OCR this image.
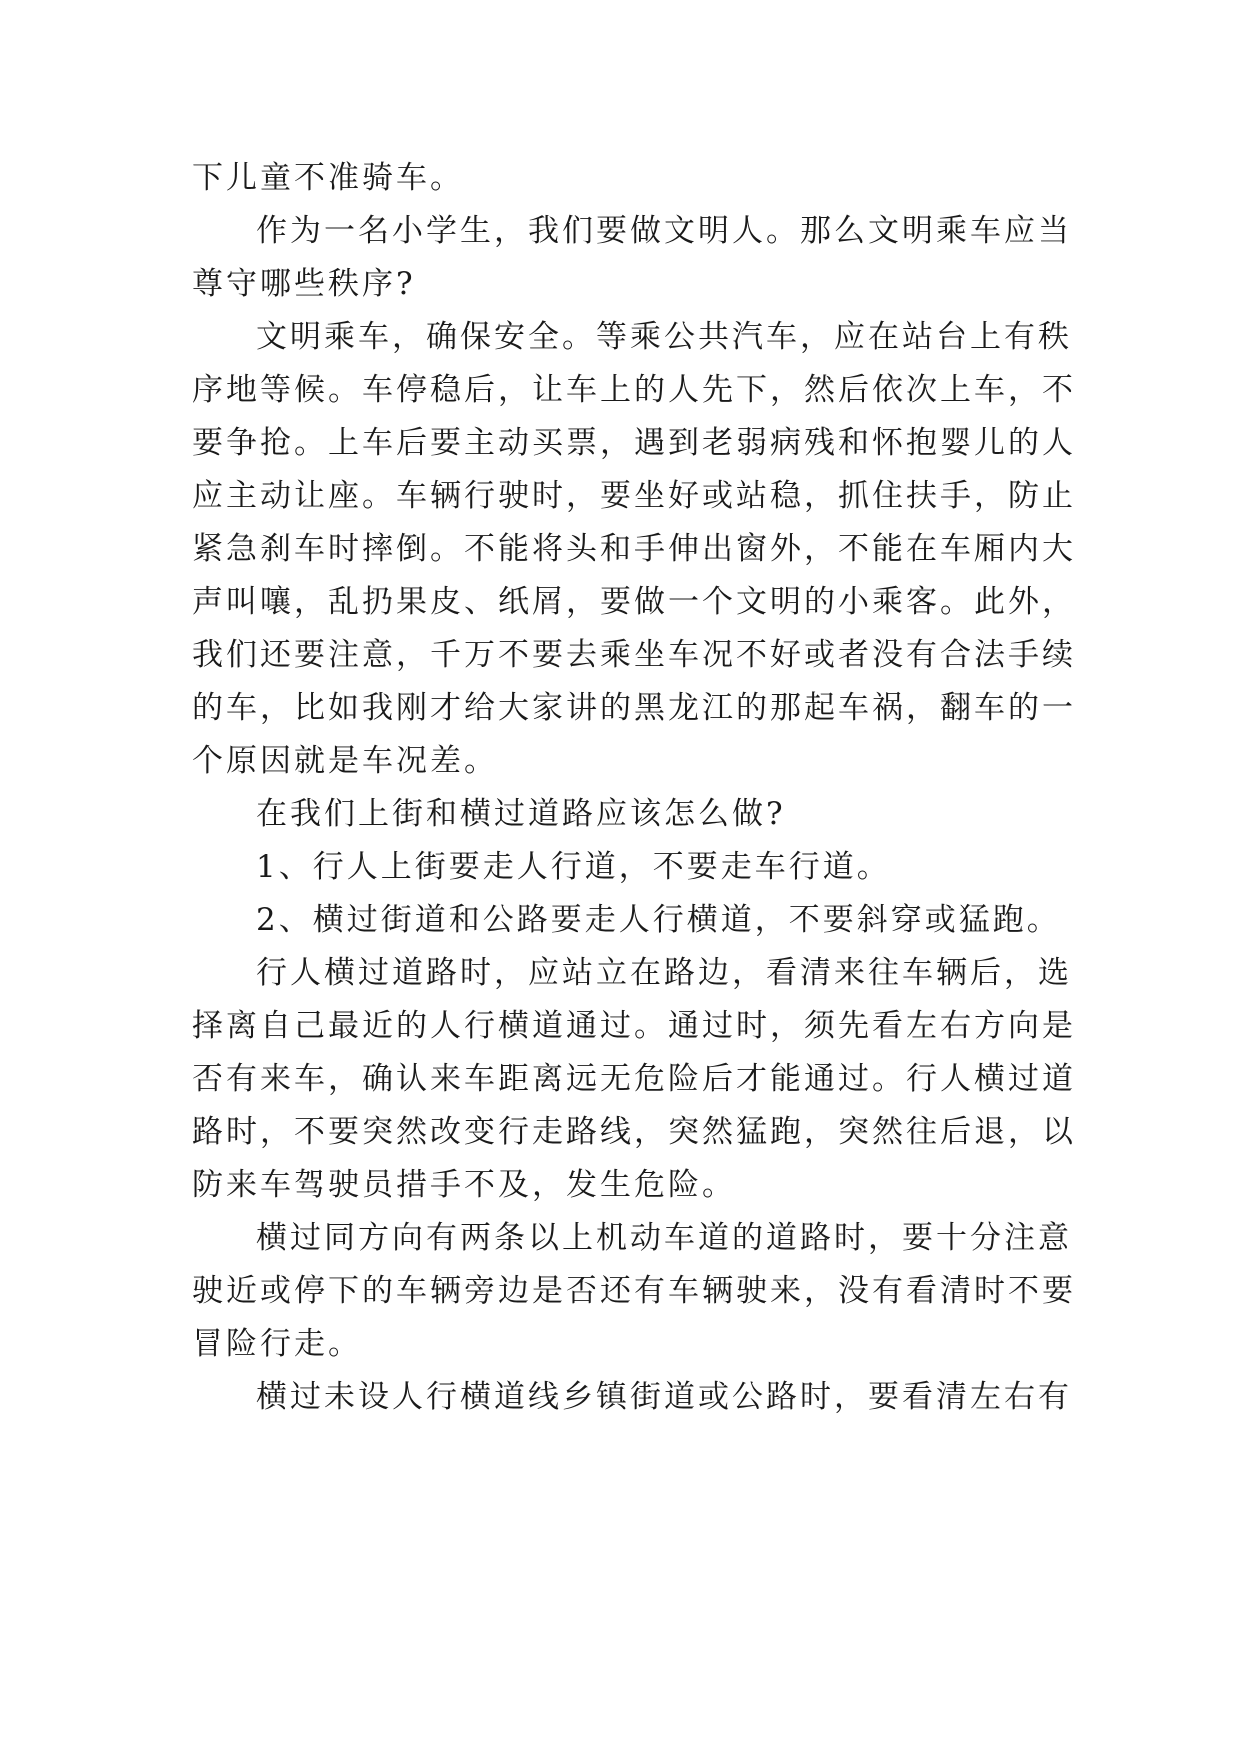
下儿童不准骑车。
作为一名小学生，我们要做文明人。那么文明乘车应当
尊守哪些秩序?
文明乘车，确保安全。等乘公共汽车，应在站台上有秩
序地等候。车停稳后，让车上的人先下，然后依次上车，不
要争抢。上车后要主动买票，遇到老弱病残和怀抱婴儿的人
应主动让座。车辆行驶时，要坐好或站稳，抓住扶手，防止
紧急刹车时摔倒。不能将头和手伸出窗外，不能在车厢内大
声叫嚷，乱扔果皮、纸屑，要做一个文明的小乘客。此外，
我们还要注意，千万不要去乘坐车况不好或者没有合法手续
的车，比如我刚才给大家讲的黑龙江的那起车祸，翻车的一
个原因就是车况差。
在我们上街和横过道路应该怎么做?
1、行人上街要走人行道，不要走车行道。
2、横过街道和公路要走人行横道，不要斜穿或猛跑。
行人横过道路时，应站立在路边，看清来往车辆后，选
择离自己最近的人行横道通过。通过时，须先看左右方向是
否有来车，确认来车距离远无危险后才能通过。行人横过道
路时，不要突然改变行走路线，突然猛跑，突然往后退，以
防来车驾驶员措手不及，发生危险。
横过同方向有两条以上机动车道的道路时，要十分注意
驶近或停下的车辆旁边是否还有车辆驶来，没有看清时不要
冒险行走。
横过未设人行横道线乡镇街道或公路时，要看清左右有
